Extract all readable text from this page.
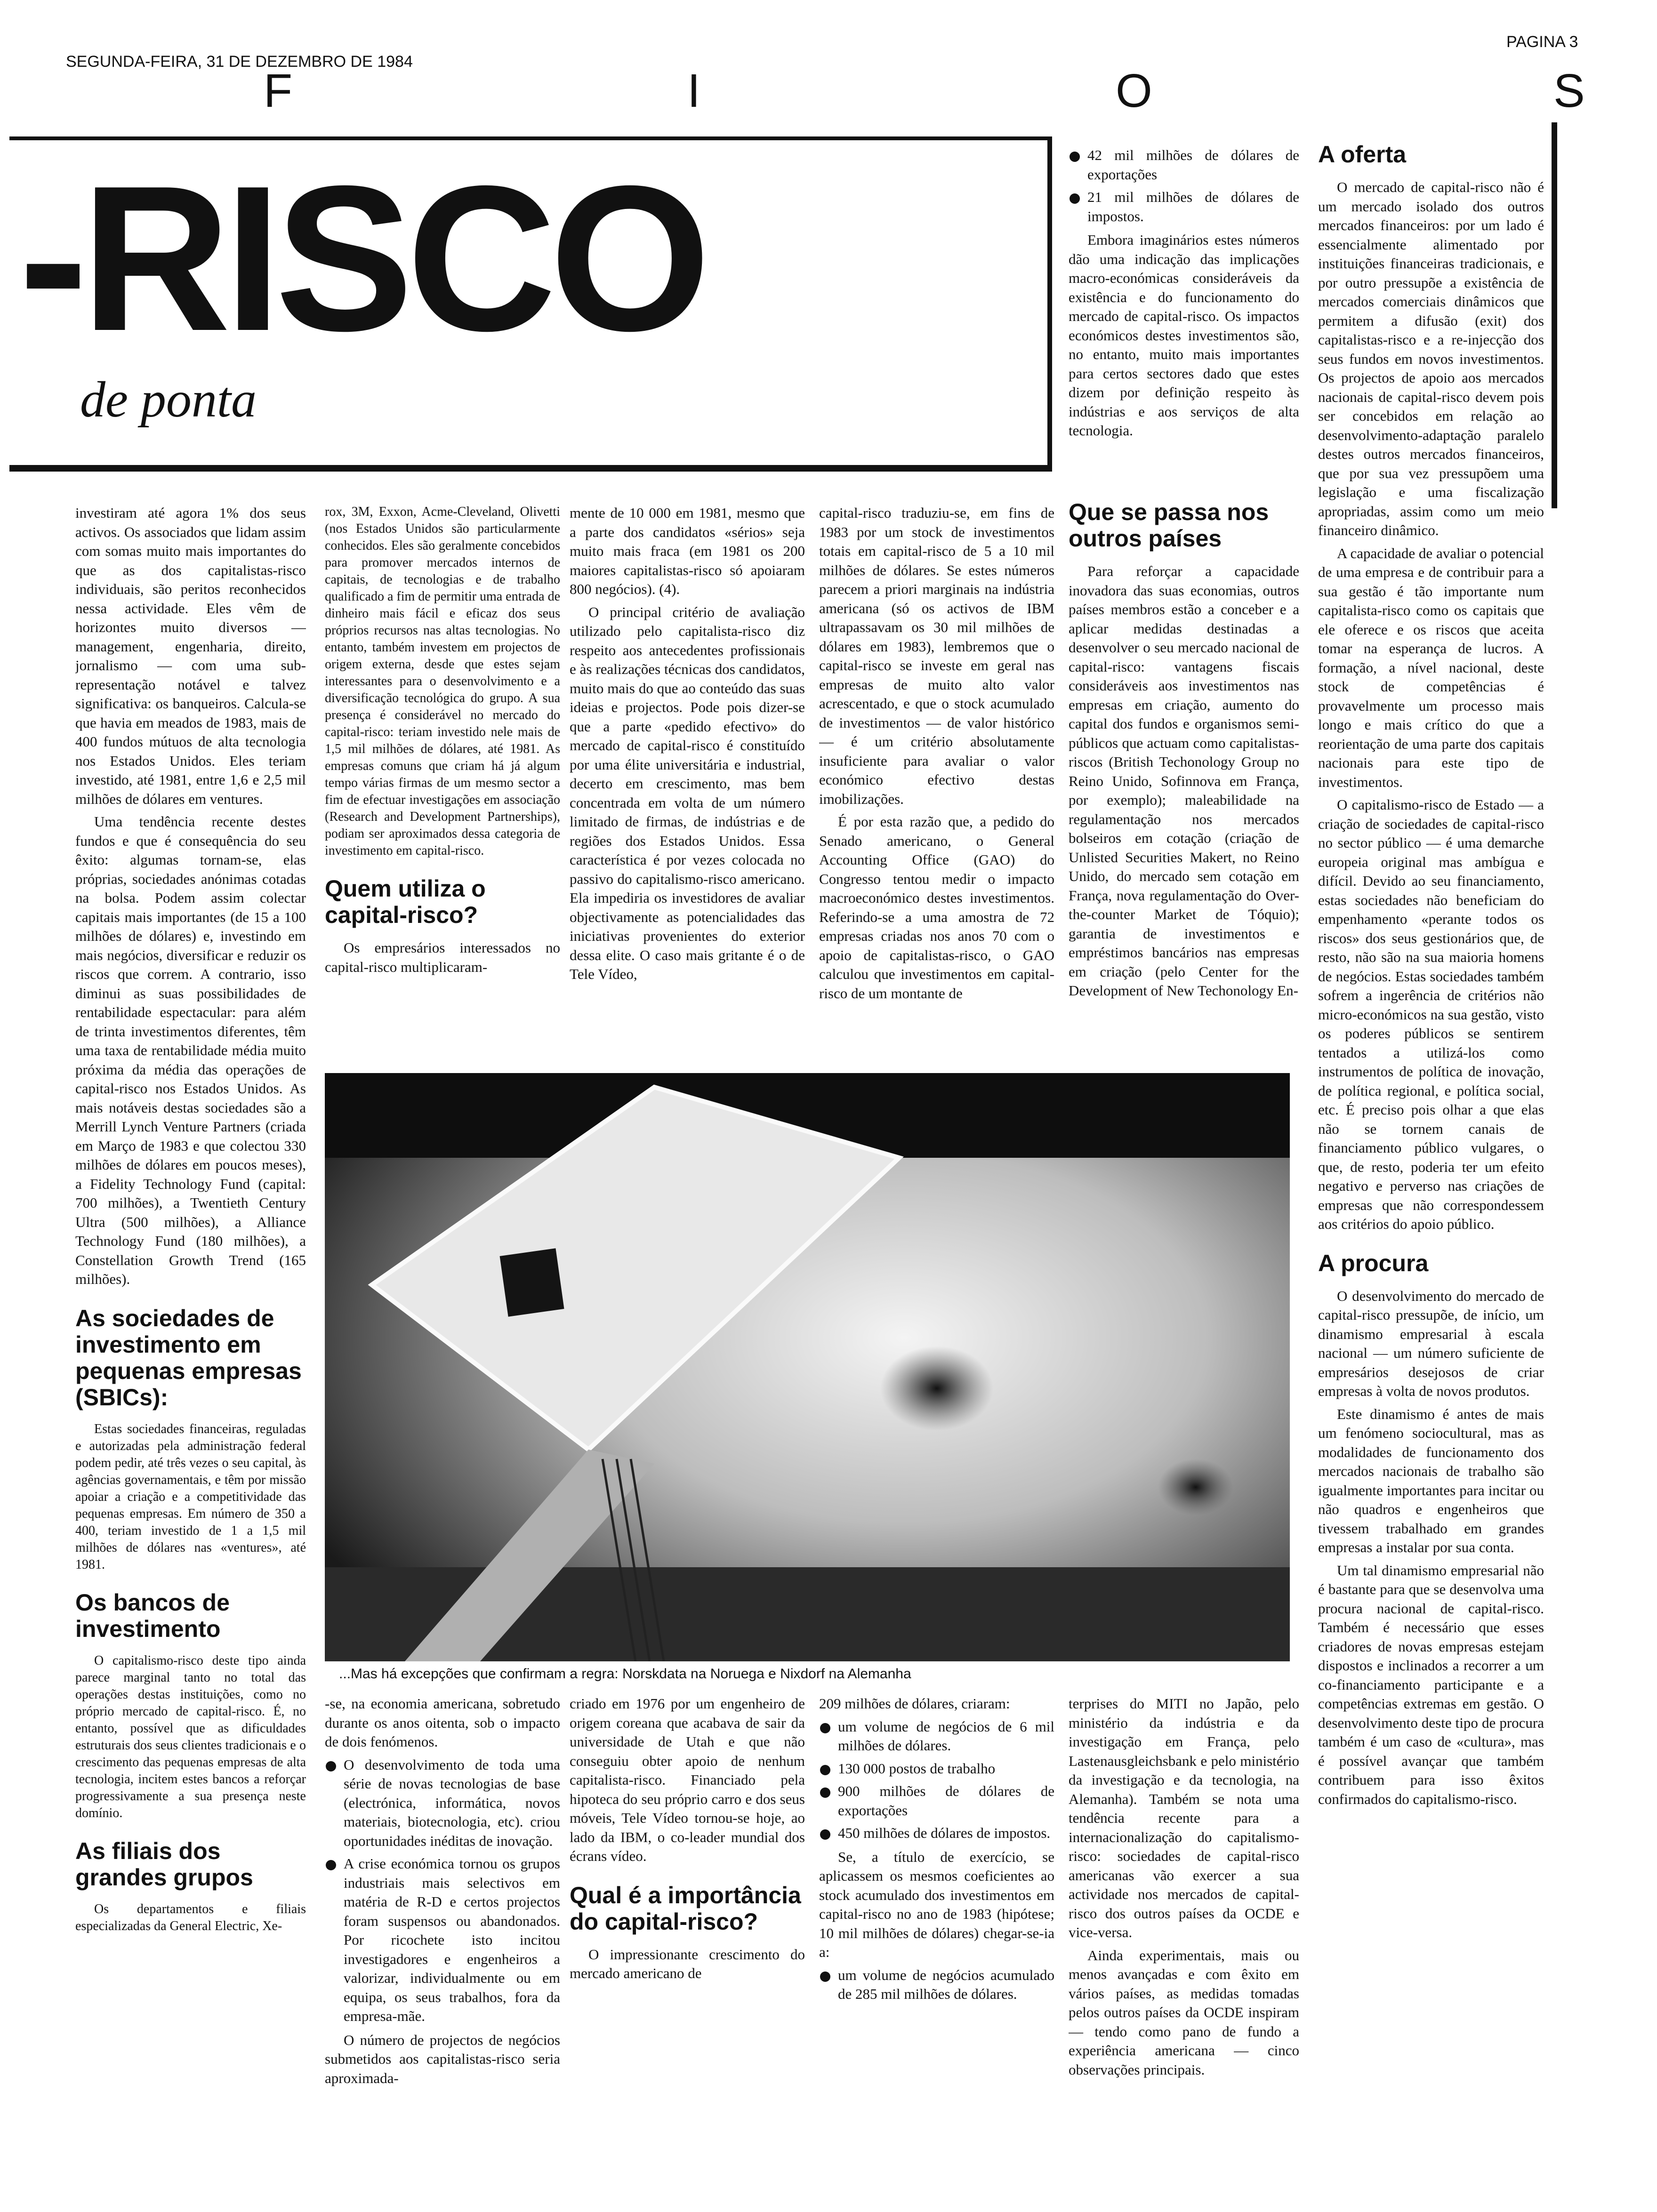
SEGUNDA-FEIRA, 31 DE DEZEMBRO DE 1984
PAGINA 3
F	I	O	S
-RISCO
de ponta
42 mil milhões de dólares de exportações
21 mil milhões de dólares de impostos.

Embora imaginários estes números dão uma indicação das implicações macro-económicas consideráveis da existência e do funcionamento do mercado de capital-risco. Os impactos económicos destes investimentos são, no entanto, muito mais importantes para certos sectores dado que estes dizem por definição respeito às indústrias e aos serviços de alta tecnologia.

investiram até agora 1% dos seus activos. Os associados que lidam assim com somas muito mais importantes do que as dos capitalistas-risco individuais, são peritos reconhecidos nessa actividade. Eles vêm de horizontes muito diversos — management, engenharia, direito, jornalismo — com uma sub-representação notável e talvez significativa: os banqueiros. Calcula-se que havia em meados de 1983, mais de 400 fundos mútuos de alta tecnologia nos Estados Unidos. Eles teriam investido, até 1981, entre 1,6 e 2,5 mil milhões de dólares em ventures.

Uma tendência recente destes fundos e que é consequência do seu êxito: algumas tornam-se, elas próprias, sociedades anónimas cotadas na bolsa. Podem assim colectar capitais mais importantes (de 15 a 100 milhões de dólares) e, investindo em mais negócios, diversificar e reduzir os riscos que correm. A contrario, isso diminui as suas possibilidades de rentabilidade espectacular: para além de trinta investimentos diferentes, têm uma taxa de rentabilidade média muito próxima da média das operações de capital-risco nos Estados Unidos. As mais notáveis destas sociedades são a Merrill Lynch Venture Partners (criada em Março de 1983 e que colectou 330 milhões de dólares em poucos meses), a Fidelity Technology Fund (capital: 700 milhões), a Twentieth Century Ultra (500 milhões), a Alliance Technology Fund (180 milhões), a Constellation Growth Trend (165 milhões).

As sociedades de investimento em pequenas empresas (SBICs):

Estas sociedades financeiras, reguladas e autorizadas pela administração federal podem pedir, até três vezes o seu capital, às agências governamentais, e têm por missão apoiar a criação e a competitividade das pequenas empresas. Em número de 350 a 400, teriam investido de 1 a 1,5 mil milhões de dólares nas «ventures», até 1981.

Os bancos de investimento

O capitalismo-risco deste tipo ainda parece marginal tanto no total das operações destas instituições, como no próprio mercado de capital-risco. É, no entanto, possível que as dificuldades estruturais dos seus clientes tradicionais e o crescimento das pequenas empresas de alta tecnologia, incitem estes bancos a reforçar progressivamente a sua presença neste domínio.

As filiais dos grandes grupos

Os departamentos e filiais especializadas da General Electric, Xe-

rox, 3M, Exxon, Acme-Cleveland, Olivetti (nos Estados Unidos são particularmente conhecidos. Eles são geralmente concebidos para promover mercados internos de capitais, de tecnologias e de trabalho qualificado a fim de permitir uma entrada de dinheiro mais fácil e eficaz dos seus próprios recursos nas altas tecnologias. No entanto, também investem em projectos de origem externa, desde que estes sejam interessantes para o desenvolvimento e a diversificação tecnológica do grupo. A sua presença é considerável no mercado do capital-risco: teriam investido nele mais de 1,5 mil milhões de dólares, até 1981. As empresas comuns que criam há já algum tempo várias firmas de um mesmo sector a fim de efectuar investigações em associação (Research and Development Partnerships), podiam ser aproximados dessa categoria de investimento em capital-risco.

Quem utiliza o capital-risco?

Os empresários interessados no capital-risco multiplicaram-

mente de 10 000 em 1981, mesmo que a parte dos candidatos «sérios» seja muito mais fraca (em 1981 os 200 maiores capitalistas-risco só apoiaram 800 negócios). (4).

O principal critério de avaliação utilizado pelo capitalista-risco diz respeito aos antecedentes profissionais e às realizações técnicas dos candidatos, muito mais do que ao conteúdo das suas ideias e projectos. Pode pois dizer-se que a parte «pedido efectivo» do mercado de capital-risco é constituído por uma élite universitária e industrial, decerto em crescimento, mas bem concentrada em volta de um número limitado de firmas, de indústrias e de regiões dos Estados Unidos. Essa característica é por vezes colocada no passivo do capitalismo-risco americano. Ela impediria os investidores de avaliar objectivamente as potencialidades das iniciativas provenientes do exterior dessa elite. O caso mais gritante é o de Tele Vídeo,

capital-risco traduziu-se, em fins de 1983 por um stock de investimentos totais em capital-risco de 5 a 10 mil milhões de dólares. Se estes números parecem a priori marginais na indústria americana (só os activos de IBM ultrapassavam os 30 mil milhões de dólares em 1983), lembremos que o capital-risco se investe em geral nas empresas de muito alto valor acrescentado, e que o stock acumulado de investimentos — de valor histórico — é um critério absolutamente insuficiente para avaliar o valor económico efectivo destas imobilizações.

É por esta razão que, a pedido do Senado americano, o General Accounting Office (GAO) do Congresso tentou medir o impacto macroeconómico destes investimentos. Referindo-se a uma amostra de 72 empresas criadas nos anos 70 com o apoio de capitalistas-risco, o GAO calculou que investimentos em capital-risco de um montante de

Que se passa nos outros países

Para reforçar a capacidade inovadora das suas economias, outros países membros estão a conceber e a aplicar medidas destinadas a desenvolver o seu mercado nacional de capital-risco: vantagens fiscais consideráveis aos investimentos nas empresas em criação, aumento do capital dos fundos e organismos semi-públicos que actuam como capitalistas-riscos (British Techonology Group no Reino Unido, Sofinnova em França, por exemplo); maleabilidade na regulamentação nos mercados bolseiros em cotação (criação de Unlisted Securities Makert, no Reino Unido, do mercado sem cotação em França, nova regulamentação do Over-the-counter Market de Tóquio); garantia de investimentos e empréstimos bancários nas empresas em criação (pelo Center for the Development of New Techonology En-

A oferta

O mercado de capital-risco não é um mercado isolado dos outros mercados financeiros: por um lado é essencialmente alimentado por instituições financeiras tradicionais, e por outro pressupõe a existência de mercados comerciais dinâmicos que permitem a difusão (exit) dos capitalistas-risco e a re-injecção dos seus fundos em novos investimentos. Os projectos de apoio aos mercados nacionais de capital-risco devem pois ser concebidos em relação ao desenvolvimento-adaptação paralelo destes outros mercados financeiros, que por sua vez pressupõem uma legislação e uma fiscalização apropriadas, assim como um meio financeiro dinâmico.

A capacidade de avaliar o potencial de uma empresa e de contribuir para a sua gestão é tão importante num capitalista-risco como os capitais que ele oferece e os riscos que aceita tomar na esperança de lucros. A formação, a nível nacional, deste stock de competências é provavelmente um processo mais longo e mais crítico do que a reorientação de uma parte dos capitais nacionais para este tipo de investimentos.

O capitalismo-risco de Estado — a criação de sociedades de capital-risco no sector público — é uma demarche europeia original mas ambígua e difícil. Devido ao seu financiamento, estas sociedades não beneficiam do empenhamento «perante todos os riscos» dos seus gestionários que, de resto, não são na sua maioria homens de negócios. Estas sociedades também sofrem a ingerência de critérios não micro-económicos na sua gestão, visto os poderes públicos se sentirem tentados a utilizá-los como instrumentos de política de inovação, de política regional, e política social, etc. É preciso pois olhar a que elas não se tornem canais de financiamento público vulgares, o que, de resto, poderia ter um efeito negativo e perverso nas criações de empresas que não correspondessem aos critérios do apoio público.

A procura

O desenvolvimento do mercado de capital-risco pressupõe, de início, um dinamismo empresarial à escala nacional — um número suficiente de empresários desejosos de criar empresas à volta de novos produtos.

Este dinamismo é antes de mais um fenómeno sociocultural, mas as modalidades de funcionamento dos mercados nacionais de trabalho são igualmente importantes para incitar ou não quadros e engenheiros que tivessem trabalhado em grandes empresas a instalar por sua conta.

Um tal dinamismo empresarial não é bastante para que se desenvolva uma procura nacional de capital-risco. Também é necessário que esses criadores de novas empresas estejam dispostos e inclinados a recorrer a um co-financiamento participante e a competências extremas em gestão. O desenvolvimento deste tipo de procura também é um caso de «cultura», mas é possível avançar que também contribuem para isso êxitos confirmados do capitalismo-risco.

...Mas há excepções que confirmam a regra: Norskdata na Noruega e Nixdorf na Alemanha

-se, na economia americana, sobretudo durante os anos oitenta, sob o impacto de dois fenómenos.

O desenvolvimento de toda uma série de novas tecnologias de base (electrónica, informática, novos materiais, biotecnologia, etc). criou oportunidades inéditas de inovação.
A crise económica tornou os grupos industriais mais selectivos em matéria de R-D e certos projectos foram suspensos ou abandonados. Por ricochete isto incitou investigadores e engenheiros a valorizar, individualmente ou em equipa, os seus trabalhos, fora da empresa-mãe.

O número de projectos de negócios submetidos aos capitalistas-risco seria aproximada-

criado em 1976 por um engenheiro de origem coreana que acabava de sair da universidade de Utah e que não conseguiu obter apoio de nenhum capitalista-risco. Financiado pela hipoteca do seu próprio carro e dos seus móveis, Tele Vídeo tornou-se hoje, ao lado da IBM, o co-leader mundial dos écrans vídeo.

Qual é a importância do capital-risco?

O impressionante crescimento do mercado americano de

209 milhões de dólares, criaram:

um volume de negócios de 6 mil milhões de dólares.
130 000 postos de trabalho
900 milhões de dólares de exportações
450 milhões de dólares de impostos.

Se, a título de exercício, se aplicassem os mesmos coeficientes ao stock acumulado dos investimentos em capital-risco no ano de 1983 (hipótese; 10 mil milhões de dólares) chegar-se-ia a:

um volume de negócios acumulado de 285 mil milhões de dólares.

terprises do MITI no Japão, pelo ministério da indústria e da investigação em França, pelo Lastenausgleichsbank e pelo ministério da investigação e da tecnologia, na Alemanha). Também se nota uma tendência recente para a internacionalização do capitalismo-risco: sociedades de capital-risco americanas vão exercer a sua actividade nos mercados de capital-risco dos outros países da OCDE e vice-versa.

Ainda experimentais, mais ou menos avançadas e com êxito em vários países, as medidas tomadas pelos outros países da OCDE inspiram — tendo como pano de fundo a experiência americana — cinco observações principais.
